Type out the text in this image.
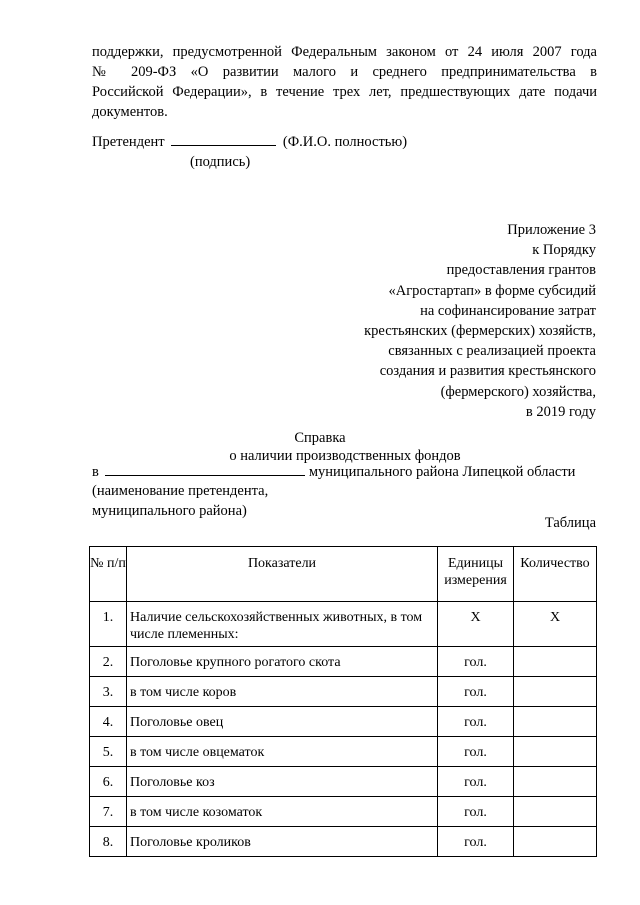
поддержки, предусмотренной Федеральным законом от 24 июля 2007 года
№ 209-ФЗ «О развитии малого и среднего предпринимательства в
Российской Федерации», в течение трех лет, предшествующих дате подачи
документов.
Претендент	(Ф.И.О. полностью)
(подпись)
Приложение 3
к Порядку
предоставления грантов
«Агростартап» в форме субсидий
на софинансирование затрат
крестьянских (фермерских) хозяйств,
связанных с реализацией проекта
создания и развития крестьянского
(фермерского) хозяйства,
в 2019 году
Справка
о наличии производственных фондов
в	муниципального района Липецкой области
(наименование претендента,
муниципального района)
Таблица
№ п/п	Показатели	Единицы измерения	Количество
1.	Наличие сельскохозяйственных животных, в том числе племенных:	Х	Х
2.	Поголовье крупного рогатого скота	гол.	
3.	в том числе коров	гол.	
4.	Поголовье овец	гол.	
5.	в том числе овцематок	гол.	
6.	Поголовье коз	гол.	
7.	в том числе козоматок	гол.	
8.	Поголовье кроликов	гол.	
